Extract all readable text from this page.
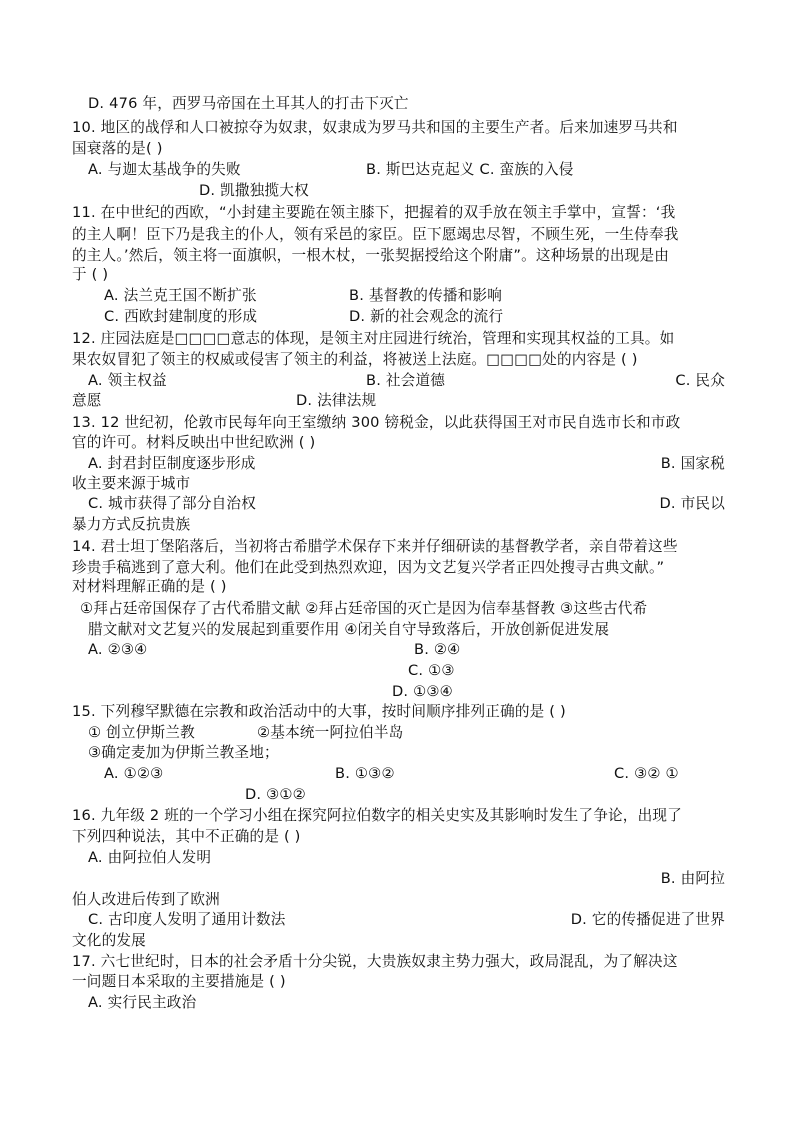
D. 476 年，西罗马帝国在土耳其人的打击下灭亡
10. 地区的战俘和人口被掠夺为奴隶，奴隶成为罗马共和国的主要生产者。后来加速罗马共和
国衰落的是( )
A. 与迦太基战争的失败	B. 斯巴达克起义 C. 蛮族的入侵
D. 凯撒独揽大权
11. 在中世纪的西欧，“小封建主要跪在领主膝下，把握着的双手放在领主手掌中，宣誓：‘我
的主人啊！臣下乃是我主的仆人，领有采邑的家臣。臣下愿竭忠尽智，不顾生死，一生侍奉我
的主人。’然后，领主将一面旗帜，一根木杖，一张契据授给这个附庸”。这种场景的出现是由
于 ( )
A. 法兰克王国不断扩张	B. 基督教的传播和影响
C. 西欧封建制度的形成	D. 新的社会观念的流行
12. 庄园法庭是□□□□意志的体现，是领主对庄园进行统治，管理和实现其权益的工具。如
果农奴冒犯了领主的权威或侵害了领主的利益，将被送上法庭。□□□□处的内容是 ( )
A. 领主权益	B. 社会道德	C. 民众
意愿	D. 法律法规
13. 12 世纪初，伦敦市民每年向王室缴纳 300 镑税金，以此获得国王对市民自选市长和市政
官的许可。材料反映出中世纪欧洲 ( )
A. 封君封臣制度逐步形成	B. 国家税
收主要来源于城市
C. 城市获得了部分自治权	D. 市民以
暴力方式反抗贵族
14. 君士坦丁堡陷落后，当初将古希腊学术保存下来并仔细研读的基督教学者，亲自带着这些
珍贵手稿逃到了意大利。他们在此受到热烈欢迎，因为文艺复兴学者正四处搜寻古典文献。”
对材料理解正确的是 ( )
①拜占廷帝国保存了古代希腊文献 ②拜占廷帝国的灭亡是因为信奉基督教 ③这些古代希
腊文献对文艺复兴的发展起到重要作用 ④闭关自守导致落后，开放创新促进发展
A. ②③④	B. ②④
C. ①③
D. ①③④
15. 下列穆罕默德在宗教和政治活动中的大事，按时间顺序排列正确的是 ( )
① 创立伊斯兰教	②基本统一阿拉伯半岛
③确定麦加为伊斯兰教圣地；
A. ①②③	B. ①③②	C. ③② ①
D. ③①②
16. 九年级 2 班的一个学习小组在探究阿拉伯数字的相关史实及其影响时发生了争论，出现了
下列四种说法，其中不正确的是 ( )
A. 由阿拉伯人发明
B. 由阿拉
伯人改进后传到了欧洲
C. 古印度人发明了通用计数法	D. 它的传播促进了世界
文化的发展
17. 六七世纪时，日本的社会矛盾十分尖锐，大贵族奴隶主势力强大，政局混乱，为了解决这
一问题日本采取的主要措施是 ( )
A. 实行民主政治
